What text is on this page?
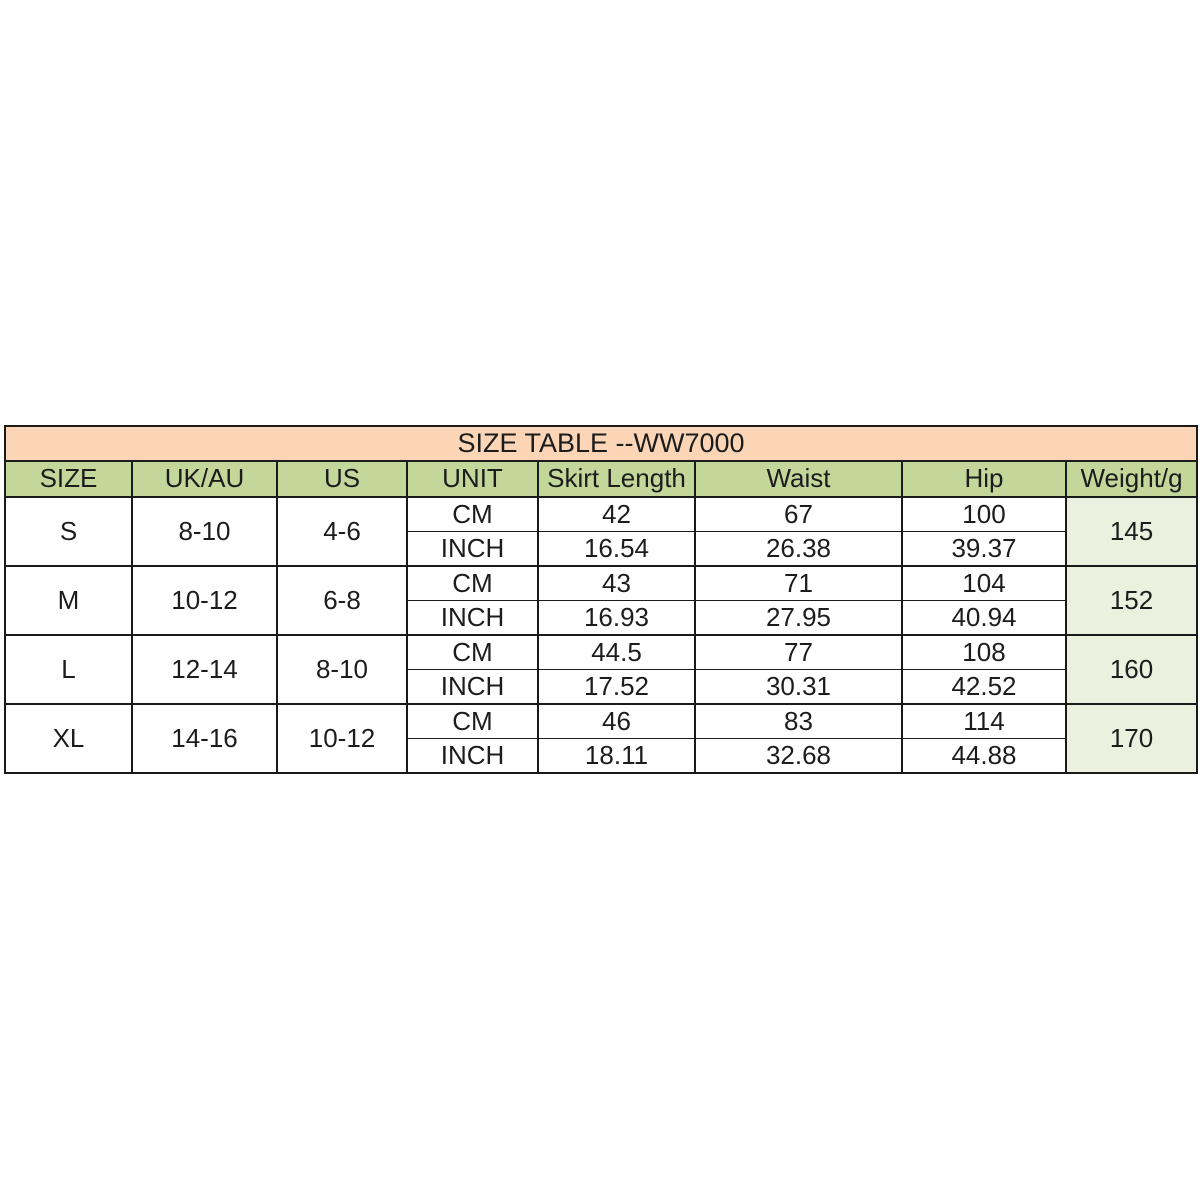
SIZE TABLE --WW7000							
SIZE	UK/AU	US	UNIT	Skirt Length	Waist	Hip	Weight/g
S	8-10	4-6	CM	42	67	100	145
			INCH	16.54	26.38	39.37	
M	10-12	6-8	CM	43	71	104	152
			INCH	16.93	27.95	40.94	
L	12-14	8-10	CM	44.5	77	108	160
			INCH	17.52	30.31	42.52	
XL	14-16	10-12	CM	46	83	114	170
			INCH	18.11	32.68	44.88	
